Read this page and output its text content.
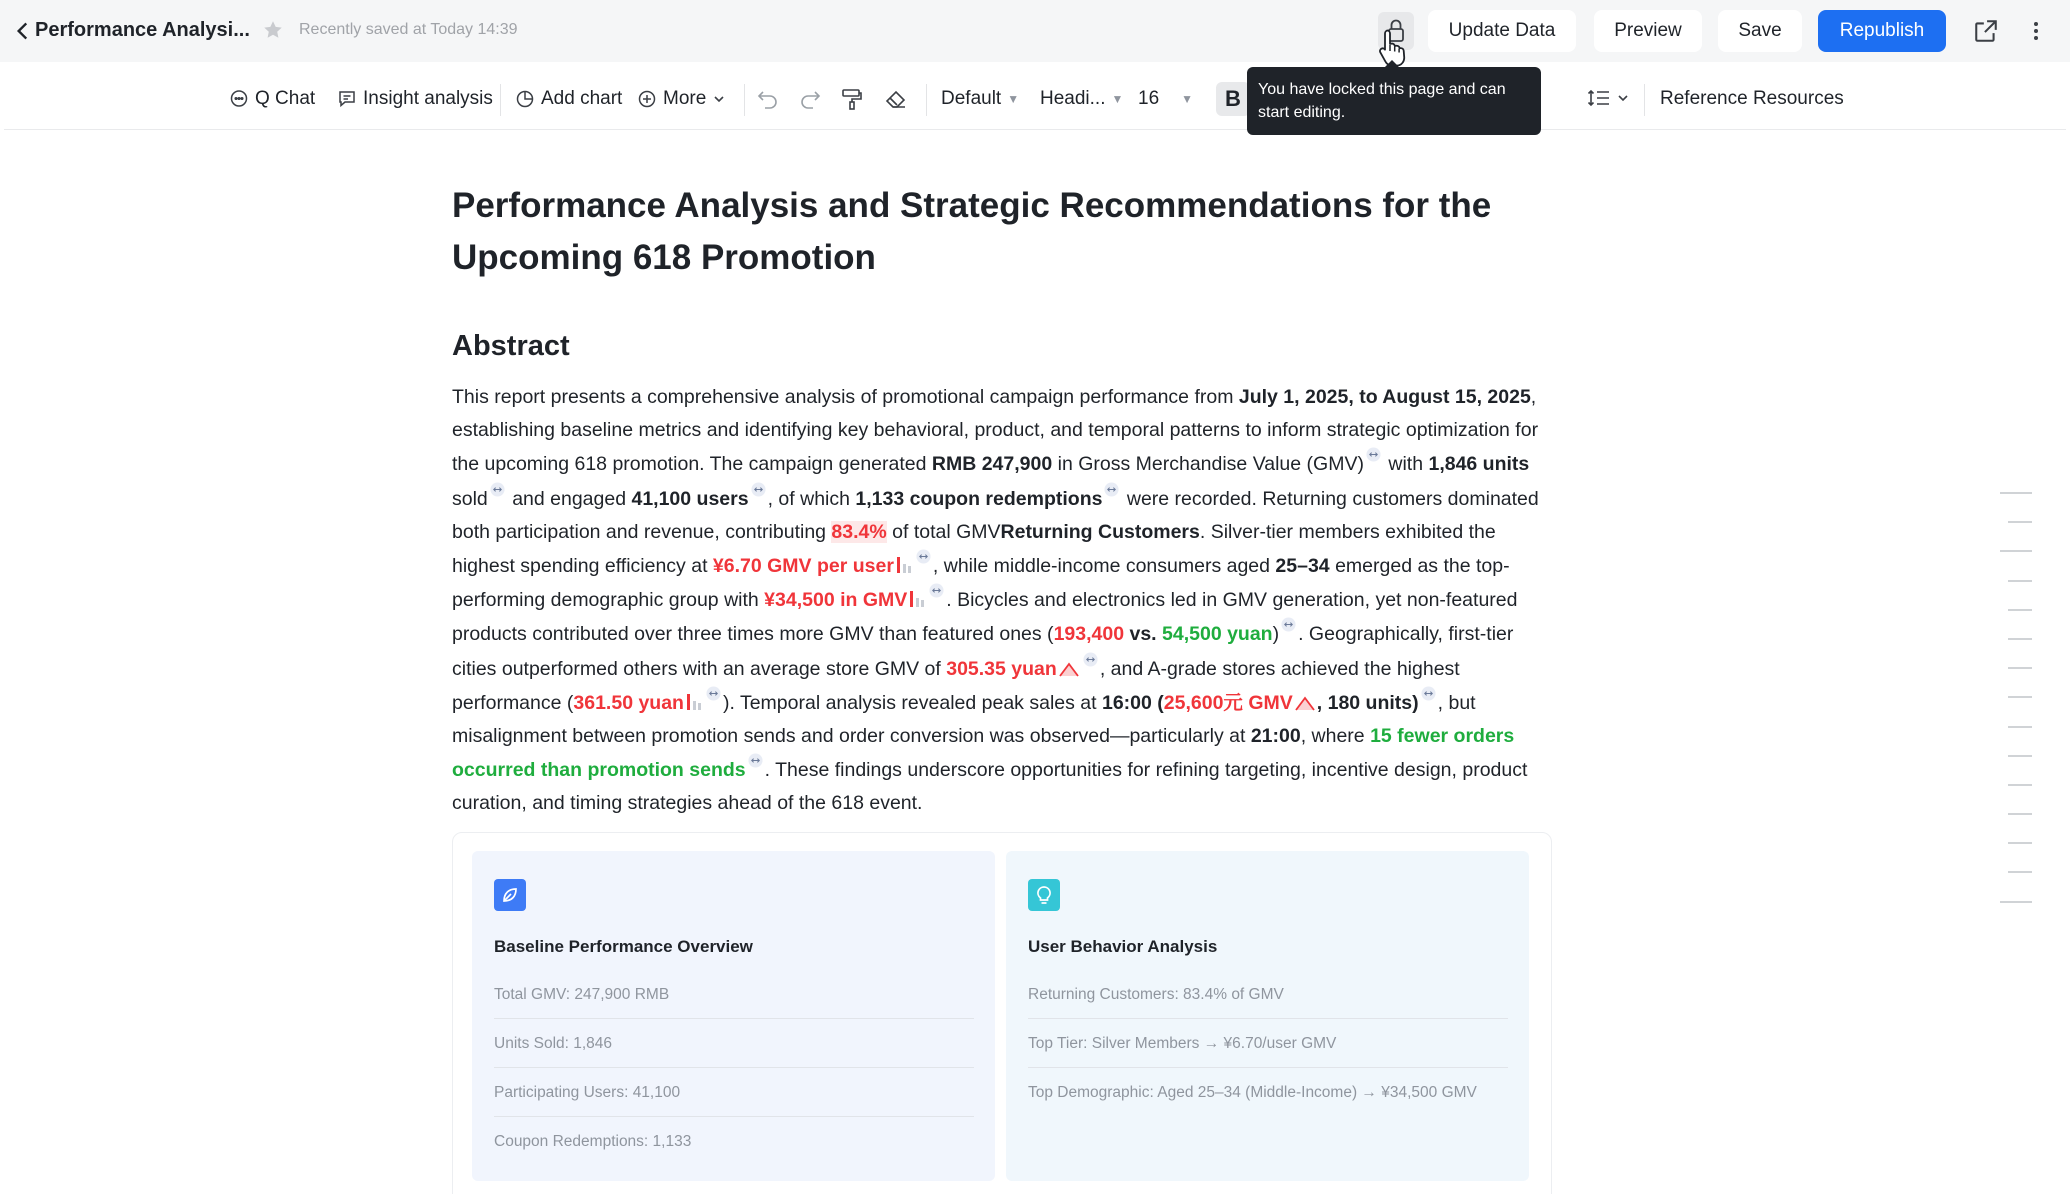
Performance Analysi...	Recently saved at Today 14:39	Update Data	Preview	Save	Republish
Q Chat	Insight analysis	Add chart More	Default ▼ Headi... ▼ 16 ▼	B	Reference Resources
You have locked this page and can start editing.
Performance Analysis and Strategic Recommendations for the Upcoming 618 Promotion
Abstract
This report presents a comprehensive analysis of promotional campaign performance from July 1, 2025, to August 15, 2025, establishing baseline metrics and identifying key behavioral, product, and temporal patterns to inform strategic optimization for the upcoming 618 promotion. The campaign generated RMB 247,900 in Gross Merchandise Value (GMV) with 1,846 units sold and engaged 41,100 users , of which 1,133 coupon redemptions were recorded. Returning customers dominated both participation and revenue, contributing 83.4% of total GMVReturning Customers. Silver-tier members exhibited the highest spending efficiency at ¥6.70 GMV per user , while middle-income consumers aged 25–34 emerged as the top-performing demographic group with ¥34,500 in GMV . Bicycles and electronics led in GMV generation, yet non-featured products contributed over three times more GMV than featured ones (193,400 vs. 54,500 yuan) . Geographically, first-tier cities outperformed others with an average store GMV of 305.35 yuan , and A-grade stores achieved the highest performance (361.50 yuan ). Temporal analysis revealed peak sales at 16:00 (25,600元 GMV , 180 units) , but misalignment between promotion sends and order conversion was observed—particularly at 21:00, where 15 fewer orders occurred than promotion sends . These findings underscore opportunities for refining targeting, incentive design, product curation, and timing strategies ahead of the 618 event.
Baseline Performance Overview
Total GMV: 247,900 RMB
Units Sold: 1,846
Participating Users: 41,100
Coupon Redemptions: 1,133
User Behavior Analysis
Returning Customers: 83.4% of GMV
Top Tier: Silver Members → ¥6.70/user GMV
Top Demographic: Aged 25–34 (Middle-Income) → ¥34,500 GMV
